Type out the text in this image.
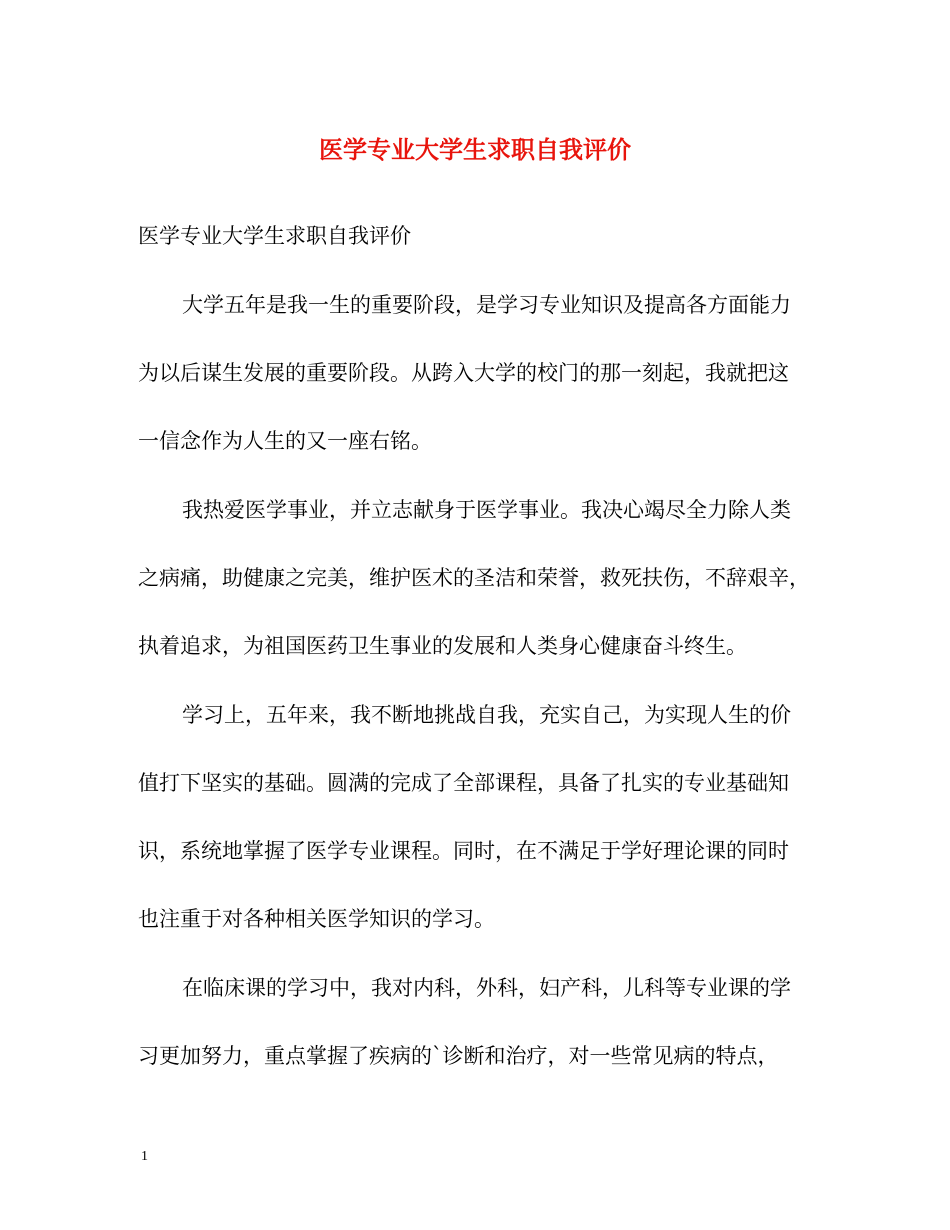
医学专业大学生求职自我评价
医学专业大学生求职自我评价
大学五年是我一生的重要阶段，是学习专业知识及提高各方面能力
为以后谋生发展的重要阶段。从跨入大学的校门的那一刻起，我就把这
一信念作为人生的又一座右铭。
我热爱医学事业，并立志献身于医学事业。我决心竭尽全力除人类
之病痛，助健康之完美，维护医术的圣洁和荣誉，救死扶伤，不辞艰辛，
执着追求，为祖国医药卫生事业的发展和人类身心健康奋斗终生。
学习上，五年来，我不断地挑战自我，充实自己，为实现人生的价
值打下坚实的基础。圆满的完成了全部课程，具备了扎实的专业基础知
识，系统地掌握了医学专业课程。同时，在不满足于学好理论课的同时
也注重于对各种相关医学知识的学习。
在临床课的学习中，我对内科，外科，妇产科，儿科等专业课的学
习更加努力，重点掌握了疾病的`诊断和治疗，对一些常见病的特点，
1
